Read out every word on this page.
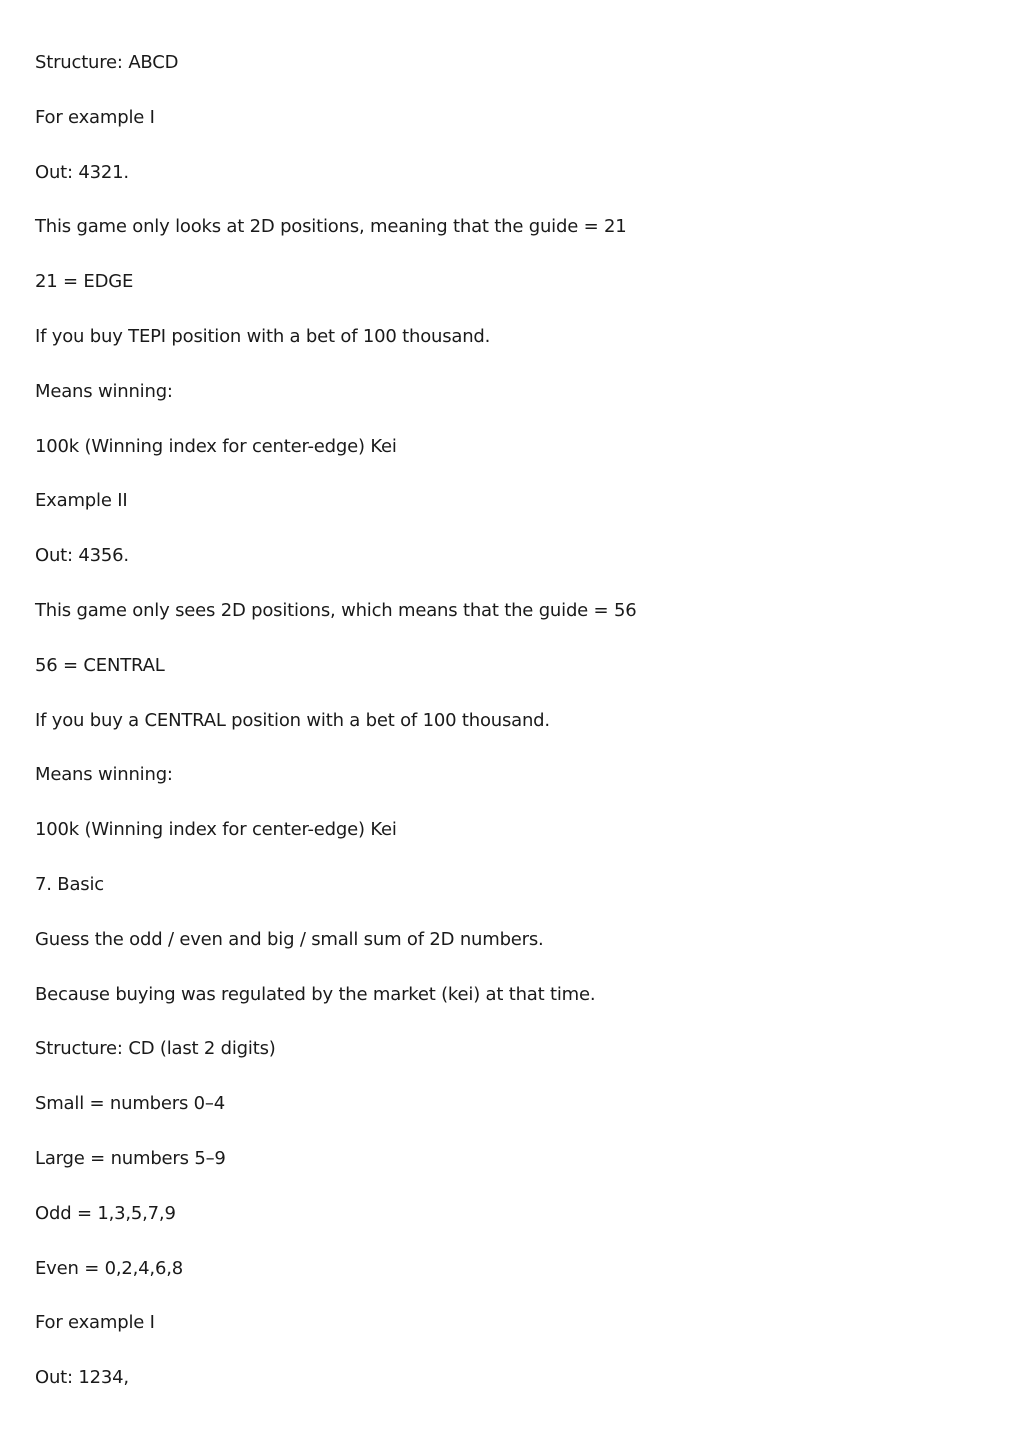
Structure: ABCD

For example I

Out: 4321.

This game only looks at 2D positions, meaning that the guide = 21

21 = EDGE

If you buy TEPI position with a bet of 100 thousand.

Means winning:

100k (Winning index for center-edge) Kei

Example II

Out: 4356.

This game only sees 2D positions, which means that the guide = 56

56 = CENTRAL

If you buy a CENTRAL position with a bet of 100 thousand.

Means winning:

100k (Winning index for center-edge) Kei

7. Basic

Guess the odd / even and big / small sum of 2D numbers.

Because buying was regulated by the market (kei) at that time.

Structure: CD (last 2 digits)

Small = numbers 0–4

Large = numbers 5–9

Odd = 1,3,5,7,9

Even = 0,2,4,6,8

For example I

Out: 1234,
